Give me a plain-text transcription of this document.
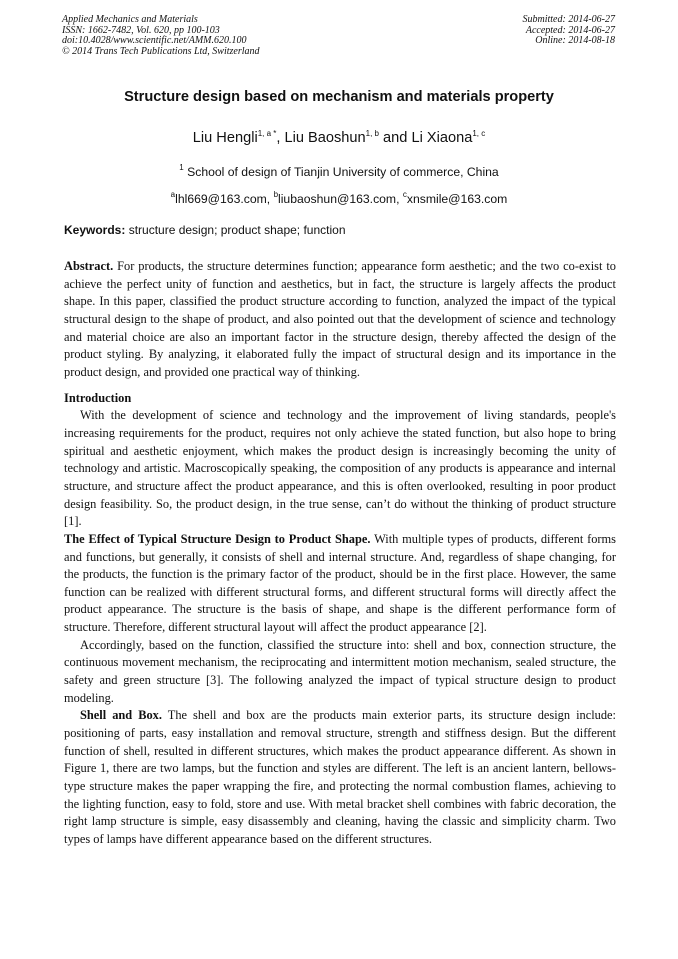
Applied Mechanics and Materials
ISSN: 1662-7482, Vol. 620, pp 100-103
doi:10.4028/www.scientific.net/AMM.620.100
© 2014 Trans Tech Publications Ltd, Switzerland
Submitted: 2014-06-27
Accepted: 2014-06-27
Online: 2014-08-18
Structure design based on mechanism and materials property
Liu Hengli$^{1, a *}$, Liu Baoshun$^{1, b}$ and Li Xiaona$^{1, c}$
$^1$ School of design of Tianjin University of commerce, China
$^a$lhl669@163.com, $^b$liubaoshun@163.com, $^c$xnsmile@163.com
Keywords: structure design; product shape; function

Abstract. For products, the structure determines function; appearance form aesthetic; and the two co-exist to achieve the perfect unity of function and aesthetics, but in fact, the structure is largely affects the product shape. In this paper, classified the product structure according to function, analyzed the impact of the typical structural design to the shape of product, and also pointed out that the development of science and technology and material choice are also an important factor in the structure design, thereby affected the design of the product styling. By analyzing, it elaborated fully the impact of structural design and its importance in the product design, and provided one practical way of thinking.

Introduction

With the development of science and technology and the improvement of living standards, people's increasing requirements for the product, requires not only achieve the stated function, but also hope to bring spiritual and aesthetic enjoyment, which makes the product design is increasingly becoming the unity of technology and artistic. Macroscopically speaking, the composition of any products is appearance and internal structure, and structure affect the product appearance, and this is often overlooked, resulting in poor product design feasibility. So, the product design, in the true sense, can’t do without the thinking of product structure [1].

The Effect of Typical Structure Design to Product Shape. With multiple types of products, different forms and functions, but generally, it consists of shell and internal structure. And, regardless of shape changing, for the products, the function is the primary factor of the product, should be in the first place. However, the same function can be realized with different structural forms, and different structural forms will directly affect the product appearance. The structure is the basis of shape, and shape is the different performance form of structure. Therefore, different structural layout will affect the product appearance [2].

Accordingly, based on the function, classified the structure into: shell and box, connection structure, the continuous movement mechanism, the reciprocating and intermittent motion mechanism, sealed structure, the safety and green structure [3]. The following analyzed the impact of typical structure design to product modeling.

Shell and Box. The shell and box are the products main exterior parts, its structure design include: positioning of parts, easy installation and removal structure, strength and stiffness design. But the different function of shell, resulted in different structures, which makes the product appearance different. As shown in Figure 1, there are two lamps, but the function and styles are different. The left is an ancient lantern, bellows-type structure makes the paper wrapping the fire, and protecting the normal combustion flames, achieving to the lighting function, easy to fold, store and use. With metal bracket shell combines with fabric decoration, the right lamp structure is simple, easy disassembly and cleaning, having the classic and simplicity charm. Two types of lamps have different appearance based on the different structures.
